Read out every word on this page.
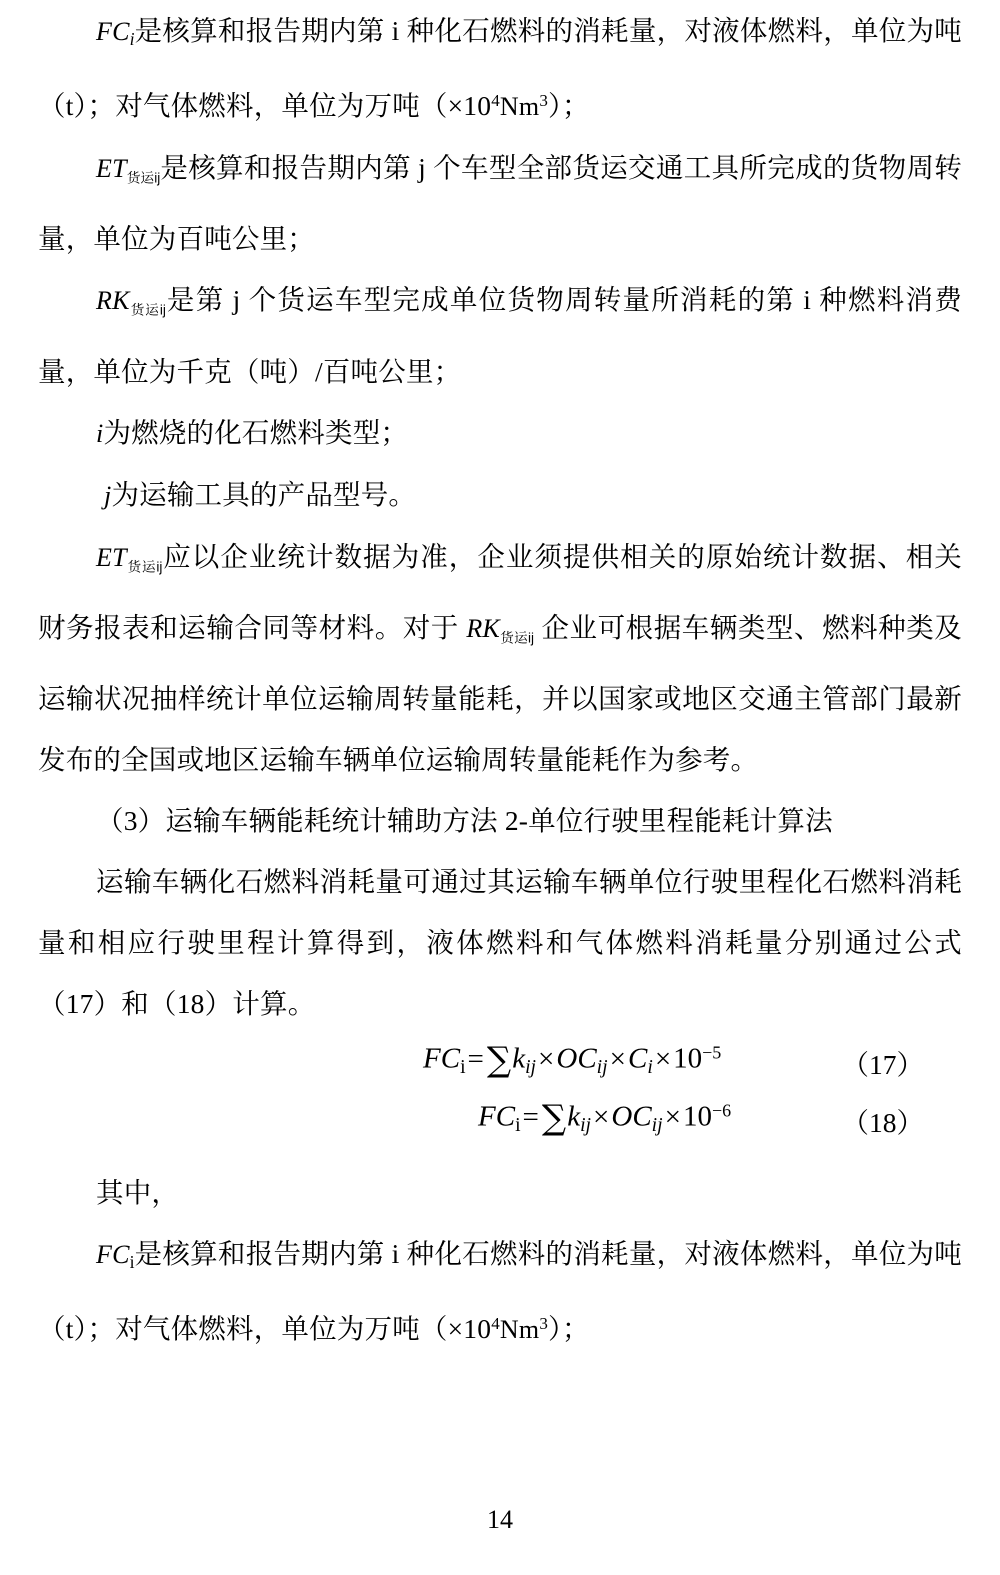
$FC_i$是核算和报告期内第 i 种化石燃料的消耗量，对液体燃料，单位为吨（t）；对气体燃料，单位为万吨$(\times 10^4Nm^3)$；

$ET_{货运ij}$是核算和报告期内第 j 个车型全部货运交通工具所完成的货物周转量，单位为百吨公里；

$RK_{货运ij}$是第 j 个货运车型完成单位货物周转量所消耗的第 i 种燃料消费量，单位为千克（吨）/百吨公里；

i为燃烧的化石燃料类型；

j为运输工具的产品型号。

$ET_{货运ij}$应以企业统计数据为准，企业须提供相关的原始统计数据、相关财务报表和运输合同等材料。对于 $RK_{货运ij}$ 企业可根据车辆类型、燃料种类及运输状况抽样统计单位运输周转量能耗，并以国家或地区交通主管部门最新发布的全国或地区运输车辆单位运输周转量能耗作为参考。

（3）运输车辆能耗统计辅助方法 2-单位行驶里程能耗计算法

运输车辆化石燃料消耗量可通过其运输车辆单位行驶里程化石燃料消耗量和相应行驶里程计算得到，液体燃料和气体燃料消耗量分别通过公式（17）和（18）计算。

$FC_i=\sum k_{ij}\times OC_{ij}\times C_i\times 10^{-5}$	（17）
$FC_i=\sum k_{ij}\times OC_{ij}\times 10^{-6}$	（18）

其中，

$FC_i$是核算和报告期内第 i 种化石燃料的消耗量，对液体燃料，单位为吨（t）；对气体燃料，单位为万吨$(\times 10^4Nm^3)$；

14
